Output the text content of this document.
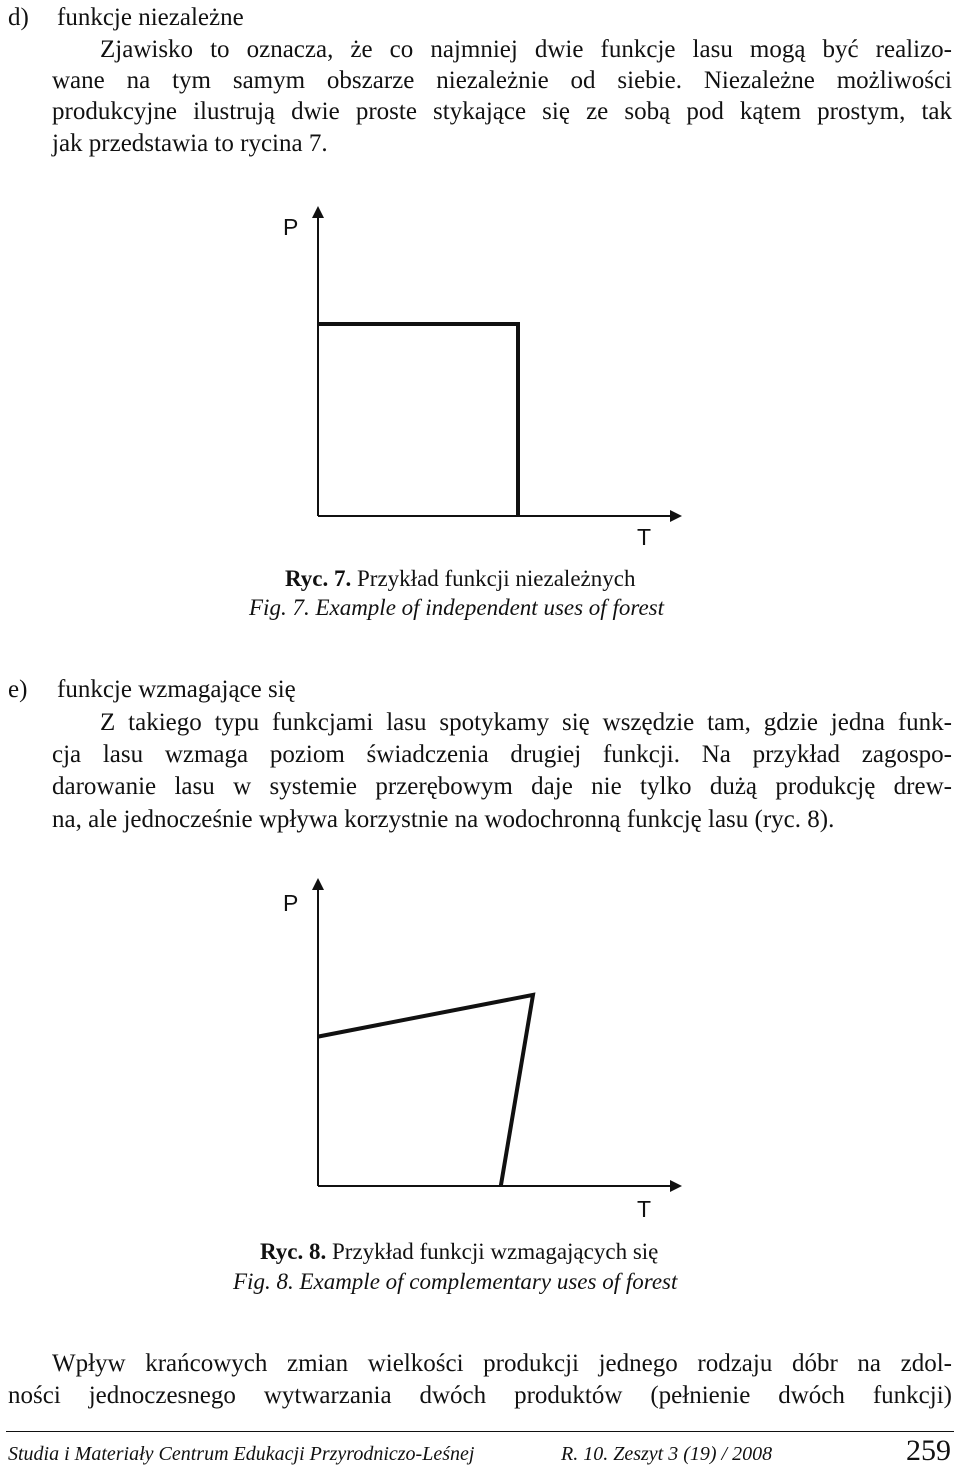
d) funkcje niezależne
Zjawisko to oznacza, że co najmniej dwie funkcje lasu mogą być realizo-
wane na tym samym obszarze niezależnie od siebie. Niezależne możliwości
produkcyjne ilustrują dwie proste stykające się ze sobą pod kątem prostym, tak
jak przedstawia to rycina 7.
P
T
Ryc. 7. Przykład funkcji niezależnych
Fig. 7. Example of independent uses of forest
e) funkcje wzmagające się
Z takiego typu funkcjami lasu spotykamy się wszędzie tam, gdzie jedna funk-
cja lasu wzmaga poziom świadczenia drugiej funkcji. Na przykład zagospo-
darowanie lasu w systemie przerębowym daje nie tylko dużą produkcję drew-
na, ale jednocześnie wpływa korzystnie na wodochronną funkcję lasu (ryc. 8).
P
T
Ryc. 8. Przykład funkcji wzmagających się
Fig. 8. Example of complementary uses of forest
Wpływ krańcowych zmian wielkości produkcji jednego rodzaju dóbr na zdol-
ności jednoczesnego wytwarzania dwóch produktów (pełnienie dwóch funkcji)
Studia i Materiały Centrum Edukacji Przyrodniczo-Leśnej	R. 10. Zeszyt 3 (19) / 2008	259
